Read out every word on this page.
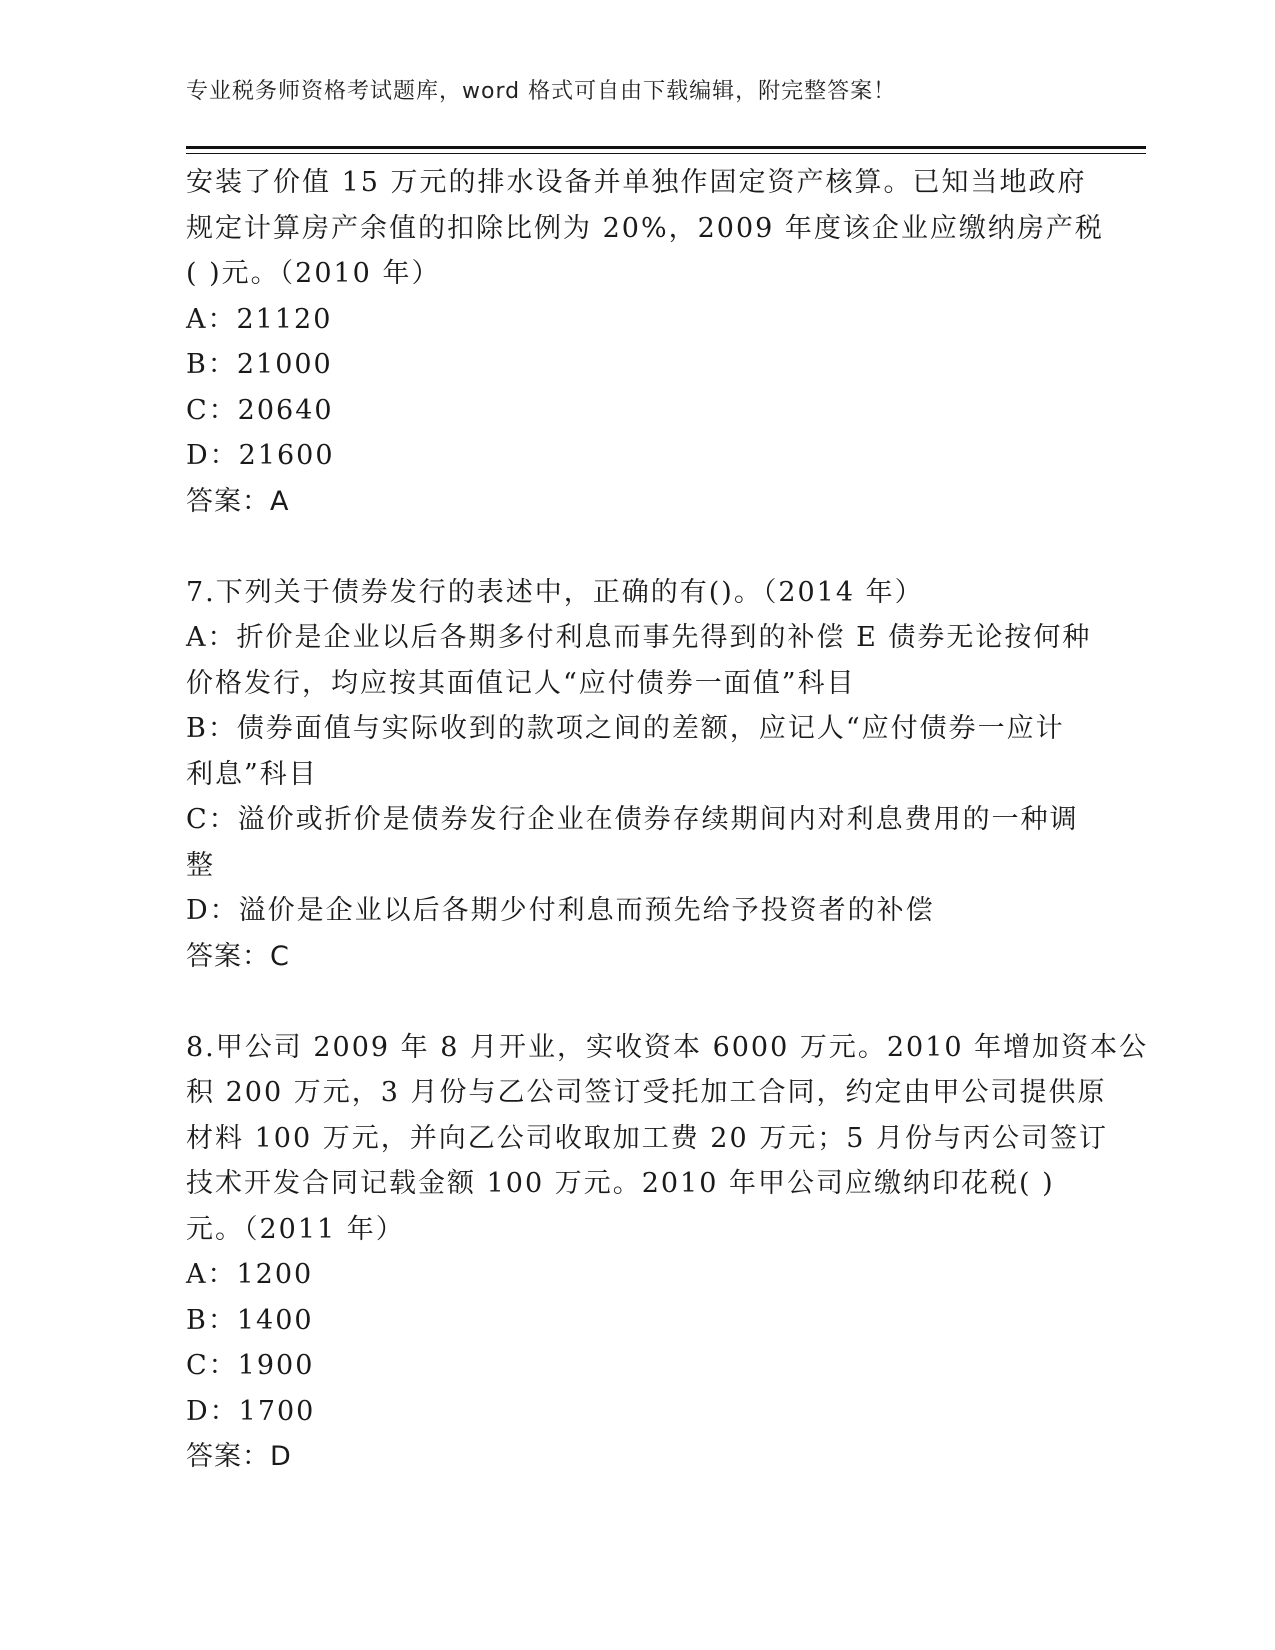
专业税务师资格考试题库，word 格式可自由下载编辑，附完整答案！
安装了价值 15 万元的排水设备并单独作固定资产核算。已知当地政府
规定计算房产余值的扣除比例为 20%，2009 年度该企业应缴纳房产税
( )元。（2010 年）
A：21120
B：21000
C：20640
D：21600
答案：A
7.下列关于债券发行的表述中，正确的有()。（2014 年）
A：折价是企业以后各期多付利息而事先得到的补偿 E 债券无论按何种
价格发行，均应按其面值记人“应付债券一面值”科目
B：债券面值与实际收到的款项之间的差额，应记人“应付债券一应计
利息”科目
C：溢价或折价是债券发行企业在债券存续期间内对利息费用的一种调
整
D：溢价是企业以后各期少付利息而预先给予投资者的补偿
答案：C
8.甲公司 2009 年 8 月开业，实收资本 6000 万元。2010 年增加资本公
积 200 万元，3 月份与乙公司签订受托加工合同，约定由甲公司提供原
材料 100 万元，并向乙公司收取加工费 20 万元；5 月份与丙公司签订
技术开发合同记载金额 100 万元。2010 年甲公司应缴纳印花税( )
元。（2011 年）
A：1200
B：1400
C：1900
D：1700
答案：D
